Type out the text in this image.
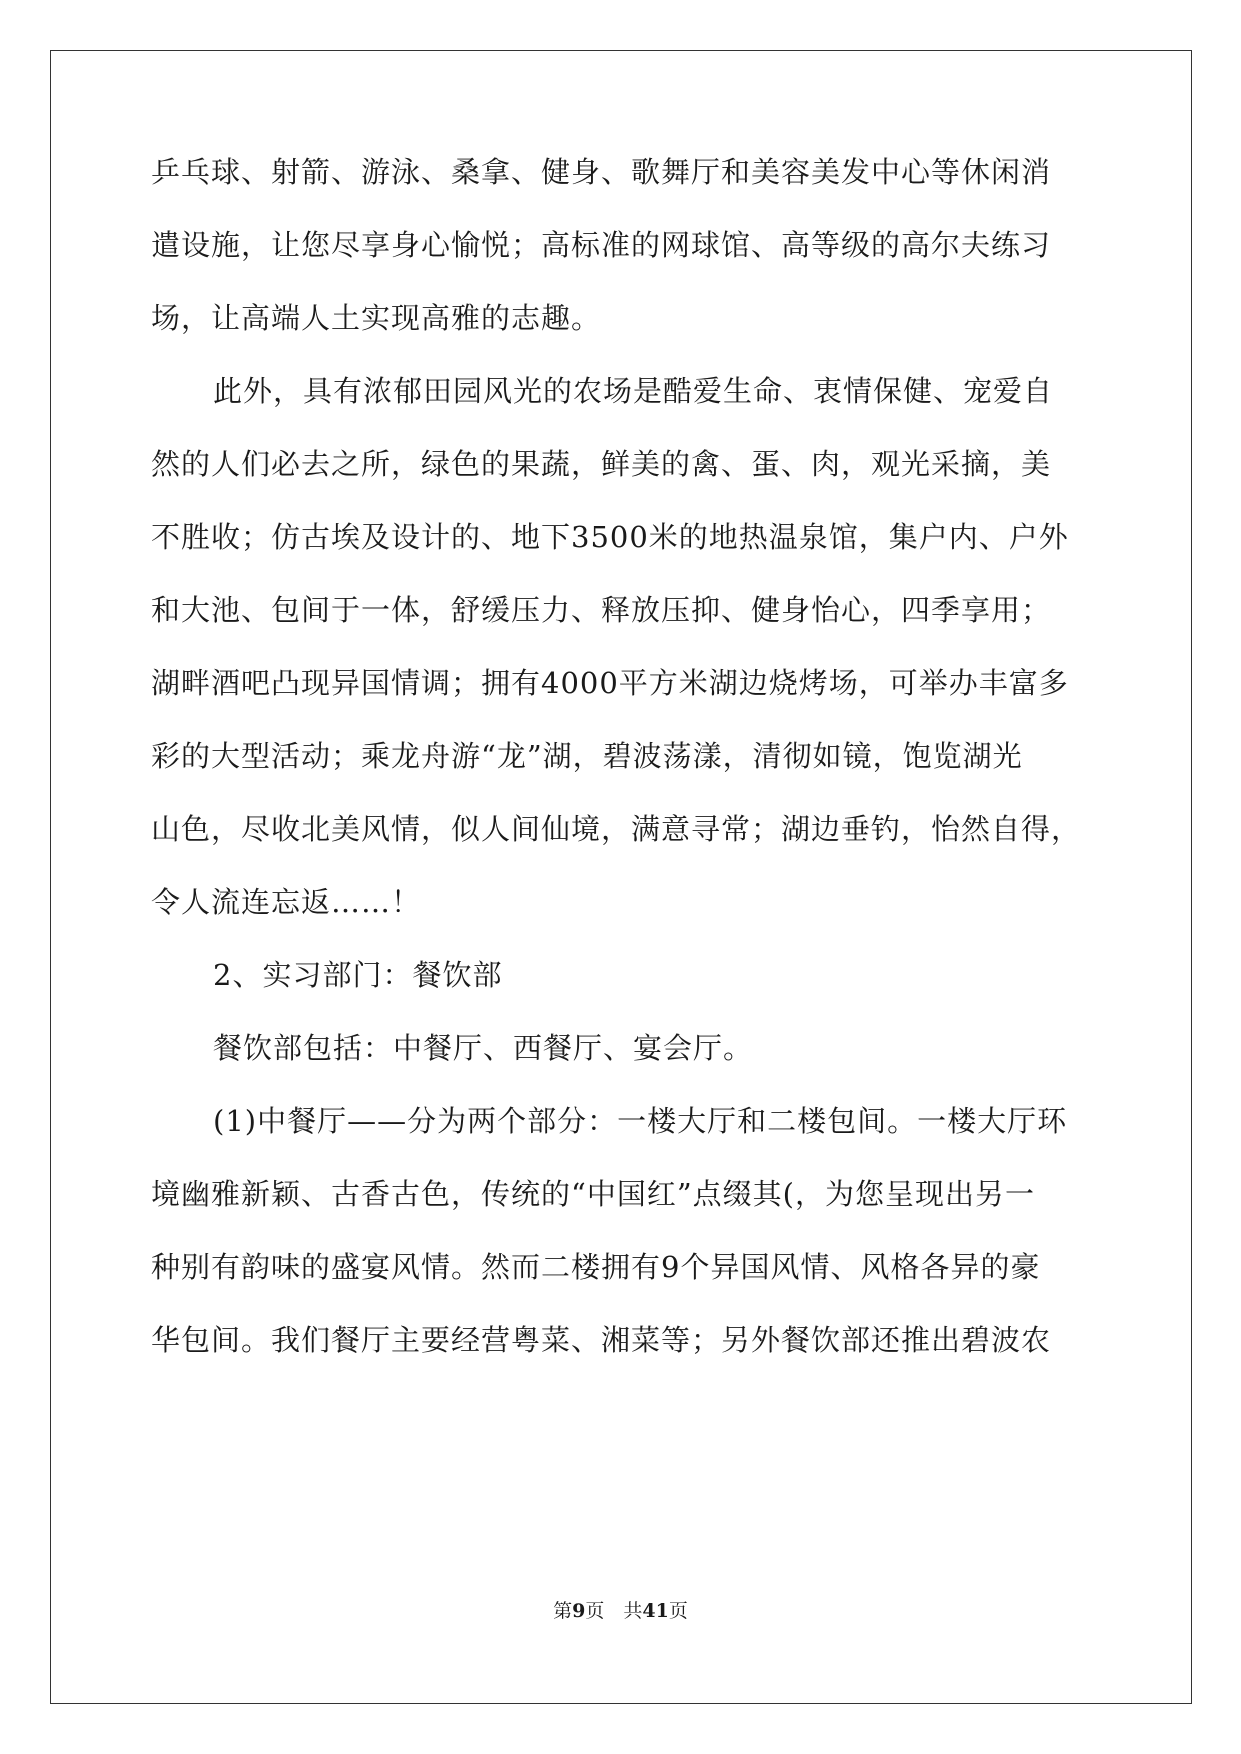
乒乓球、射箭、游泳、桑拿、健身、歌舞厅和美容美发中心等休闲消
遣设施，让您尽享身心愉悦；高标准的网球馆、高等级的高尔夫练习
场，让高端人土实现高雅的志趣。
此外，具有浓郁田园风光的农场是酷爱生命、衷情保健、宠爱自
然的人们必去之所，绿色的果蔬，鲜美的禽、蛋、肉，观光采摘，美
不胜收；仿古埃及设计的、地下3500米的地热温泉馆，集户内、户外
和大池、包间于一体，舒缓压力、释放压抑、健身怡心，四季享用；
湖畔酒吧凸现异国情调；拥有4000平方米湖边烧烤场，可举办丰富多
彩的大型活动；乘龙舟游“龙”湖，碧波荡漾，清彻如镜，饱览湖光
山色，尽收北美风情，似人间仙境，满意寻常；湖边垂钓，怡然自得，
令人流连忘返……！
2、实习部门：餐饮部
餐饮部包括：中餐厅、西餐厅、宴会厅。
(1)中餐厅——分为两个部分：一楼大厅和二楼包间。一楼大厅环
境幽雅新颖、古香古色，传统的“中国红”点缀其(，为您呈现出另一
种别有韵味的盛宴风情。然而二楼拥有9个异国风情、风格各异的豪
华包间。我们餐厅主要经营粤菜、湘菜等；另外餐饮部还推出碧波农
第9页　共41页
